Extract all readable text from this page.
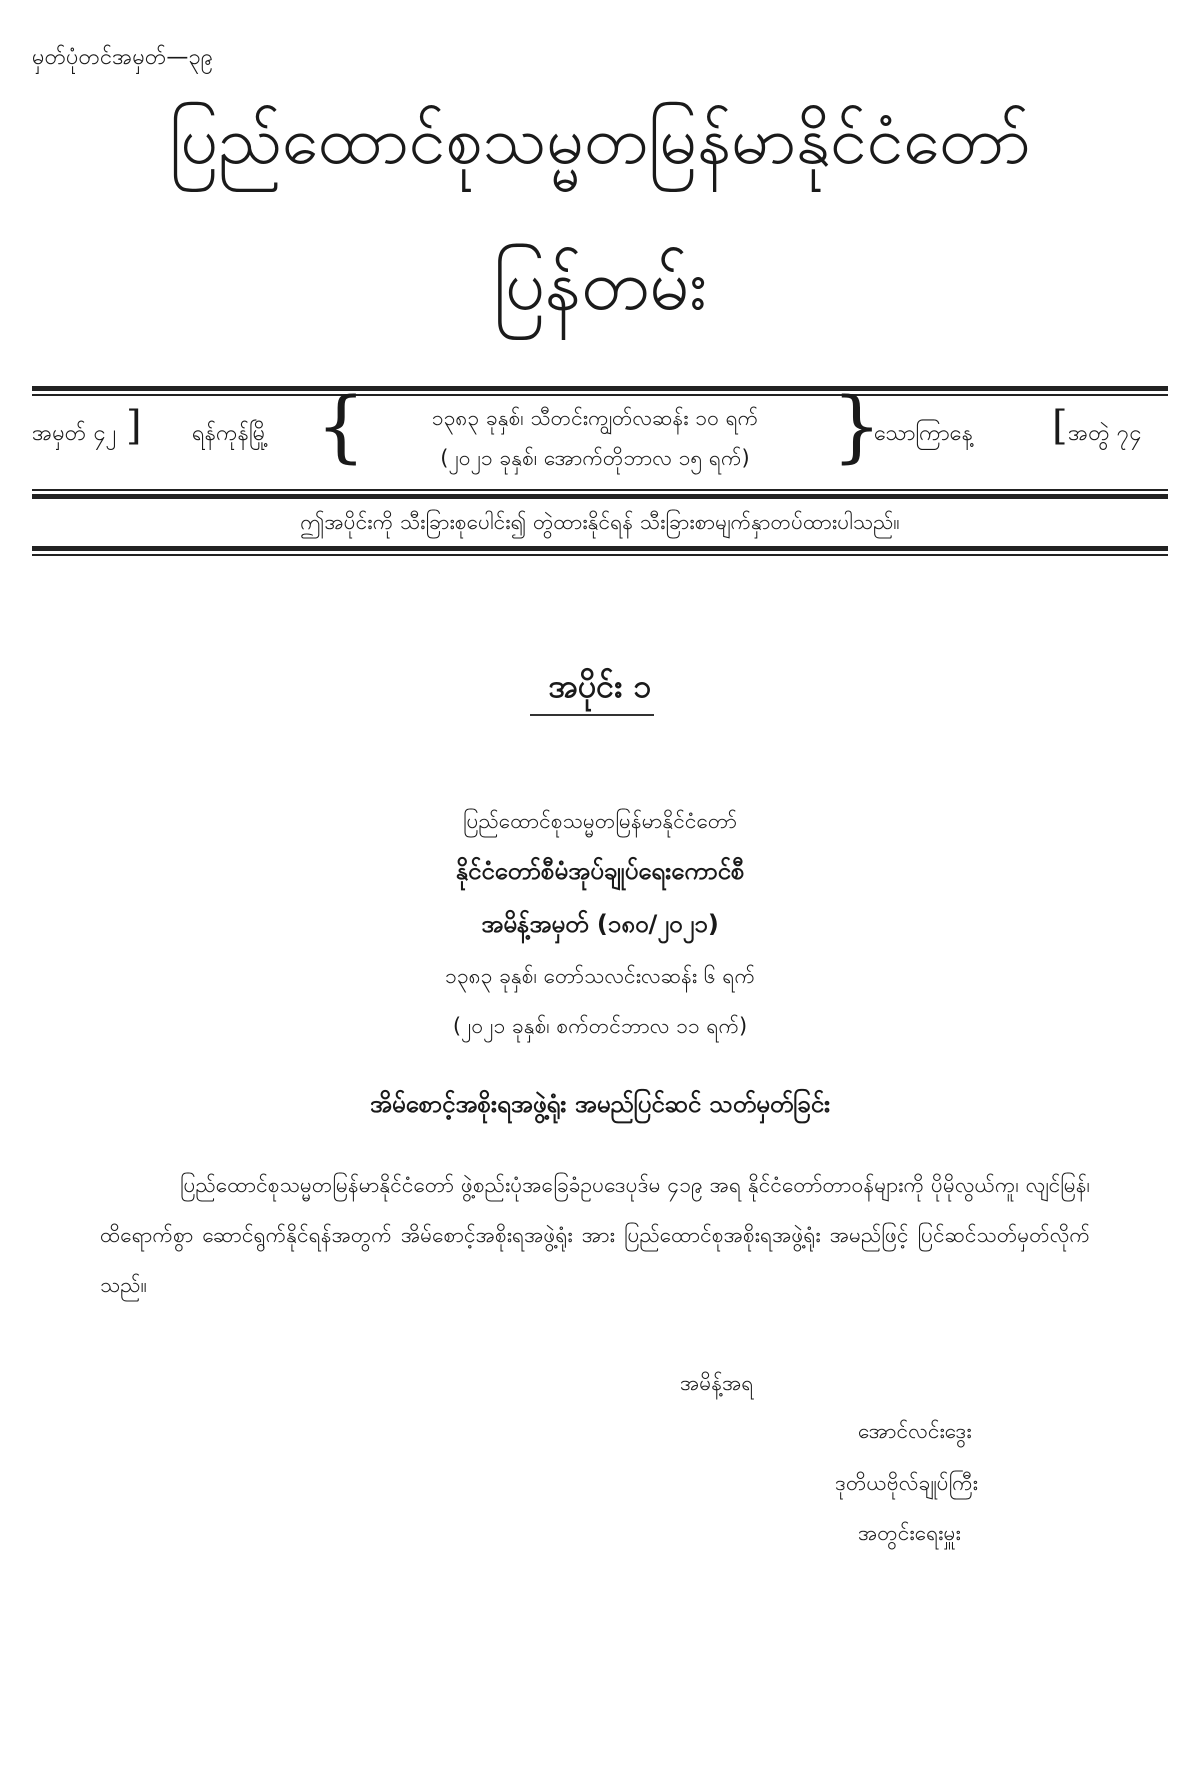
မှတ်ပုံတင်အမှတ်—၃၉
ပြည်ထောင်စုသမ္မတမြန်မာနိုင်ငံတော်
ပြန်တမ်း
အမှတ် ၄၂ ] ရန်ကုန်မြို့ {	၁၃၈၃ ခုနှစ်၊ သီတင်းကျွတ်လဆန်း ၁၀ ရက်
(၂၀၂၁ ခုနှစ်၊ အောက်တိုဘာလ ၁၅ ရက်)	}
သောကြာနေ့ [ အတွဲ ၇၄
ဤအပိုင်းကို သီးခြားစုပေါင်း၍ တွဲထားနိုင်ရန် သီးခြားစာမျက်နှာတပ်ထားပါသည်။
အပိုင်း ၁
ပြည်ထောင်စုသမ္မတမြန်မာနိုင်ငံတော်
နိုင်ငံတော်စီမံအုပ်ချုပ်ရေးကောင်စီ
အမိန့်အမှတ် (၁၈၀/၂၀၂၁)
၁၃၈၃ ခုနှစ်၊ တော်သလင်းလဆန်း ၆ ရက်
(၂၀၂၁ ခုနှစ်၊ စက်တင်ဘာလ ၁၁ ရက်)
အိမ်စောင့်အစိုးရအဖွဲ့ရုံး အမည်ပြင်ဆင် သတ်မှတ်ခြင်း
ပြည်ထောင်စုသမ္မတမြန်မာနိုင်ငံတော် ဖွဲ့စည်းပုံအခြေခံဥပဒေပုဒ်မ ၄၁၉ အရ နိုင်ငံတော်တာဝန်များကို ပိုမိုလွယ်ကူ၊ လျင်မြန်၊ ထိရောက်စွာ ဆောင်ရွက်နိုင်ရန်အတွက် အိမ်စောင့်အစိုးရအဖွဲ့ရုံး အား ပြည်ထောင်စုအစိုးရအဖွဲ့ရုံး အမည်ဖြင့် ပြင်ဆင်သတ်မှတ်လိုက်သည်။
အမိန့်အရ
အောင်လင်းဒွေး
ဒုတိယဗိုလ်ချုပ်ကြီး
အတွင်းရေးမှူး
